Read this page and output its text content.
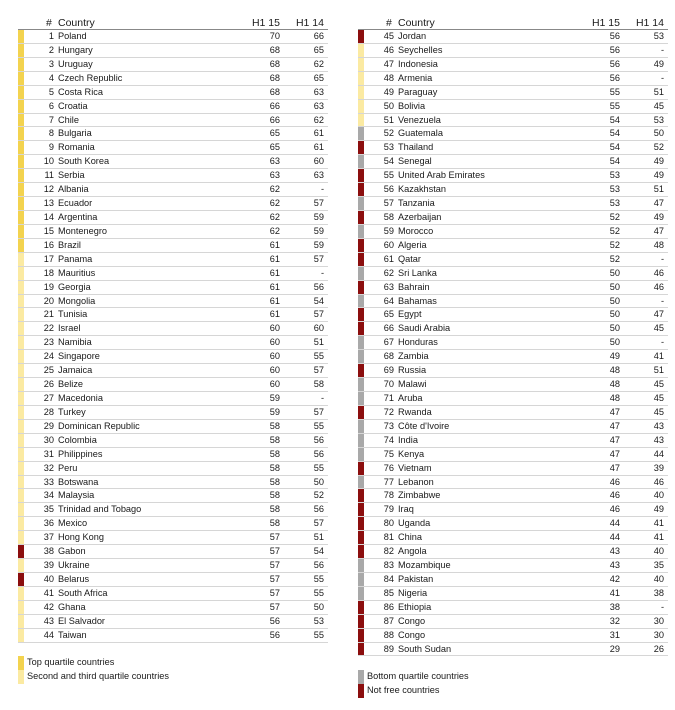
# Country	H1 15 H1 14
1 Poland	70	66
2 Hungary	68	65
3 Uruguay	68	62
4 Czech Republic	68	65
5 Costa Rica	68	63
6 Croatia	66	63
7 Chile	66	62
8 Bulgaria	65	61
9 Romania	65	61
10 South Korea	63	60
11 Serbia	63	63
12 Albania	62	-
13 Ecuador	62	57
14 Argentina	62	59
15 Montenegro	62	59
16 Brazil	61	59
17 Panama	61	57
18 Mauritius	61	-
19 Georgia	61	56
20 Mongolia	61	54
21 Tunisia	61	57
22 Israel	60	60
23 Namibia	60	51
24 Singapore	60	55
25 Jamaica	60	57
26 Belize	60	58
27 Macedonia	59	-
28 Turkey	59	57
29 Dominican Republic	58	55
30 Colombia	58	56
31 Philippines	58	56
32 Peru	58	55
33 Botswana	58	50
34 Malaysia	58	52
35 Trinidad and Tobago	58	56
36 Mexico	58	57
37 Hong Kong	57	51
38 Gabon	57	54
39 Ukraine	57	56
40 Belarus	57	55
41 South Africa	57	55
42 Ghana	57	50
43 El Salvador	56	53
44 Taiwan	56	55
# Country	H1 15 H1 14
45 Jordan	56	53
46 Seychelles	56	-
47 Indonesia	56	49
48 Armenia	56	-
49 Paraguay	55	51
50 Bolivia	55	45
51 Venezuela	54	53
52 Guatemala	54	50
53 Thailand	54	52
54 Senegal	54	49
55 United Arab Emirates	53	49
56 Kazakhstan	53	51
57 Tanzania	53	47
58 Azerbaijan	52	49
59 Morocco	52	47
60 Algeria	52	48
61 Qatar	52	-
62 Sri Lanka	50	46
63 Bahrain	50	46
64 Bahamas	50	-
65 Egypt	50	47
66 Saudi Arabia	50	45
67 Honduras	50	-
68 Zambia	49	41
69 Russia	48	51
70 Malawi	48	45
71 Aruba	48	45
72 Rwanda	47	45
73 Côte d'Ivoire	47	43
74 India	47	43
75 Kenya	47	44
76 Vietnam	47	39
77 Lebanon	46	46
78 Zimbabwe	46	40
79 Iraq	46	49
80 Uganda	44	41
81 China	44	41
82 Angola	43	40
83 Mozambique	43	35
84 Pakistan	42	40
85 Nigeria	41	38
86 Ethiopia	38	-
87 Congo	32	30
88 Congo	31	30
89 South Sudan	29	26
Top quartile countries
Second and third quartile countries	Bottom quartile countries
Not free countries
